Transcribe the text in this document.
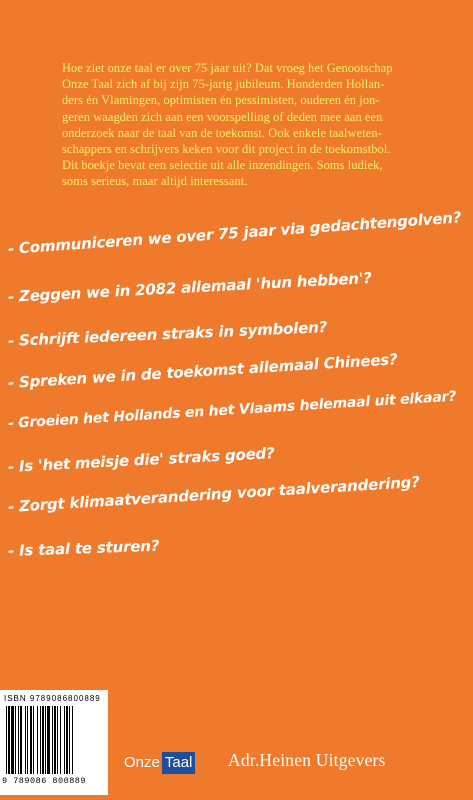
Hoe ziet onze taal er over 75 jaar uit? Dat vroeg het Genootschap

Onze Taal zich af bij zijn 75-jarig jubileum. Honderden Hollan-

ders én Vlamingen, optimisten én pessimisten, ouderen én jon-

geren waagden zich aan een voorspelling of deden mee aan een

onderzoek naar de taal van de toekomst. Ook enkele taalweten-

schappers en schrijvers keken voor dit project in de toekomstbol.

Dit boekje bevat een selectie uit alle inzendingen. Soms ludiek,

soms serieus, maar altijd interessant.

- Communiceren we over 75 jaar via gedachtengolven?
- Zeggen we in 2082 allemaal 'hun hebben'?
- Schrijft iedereen straks in symbolen?
- Spreken we in de toekomst allemaal Chinees?
- Groeien het Hollands en het Vlaams helemaal uit elkaar?
- Is 'het meisje die' straks goed?
- Zorgt klimaatverandering voor taalverandering?
- Is taal te sturen?
ISBN 9789086800889
9 789086 800889
Onze Taal Adr.Heinen Uitgevers
